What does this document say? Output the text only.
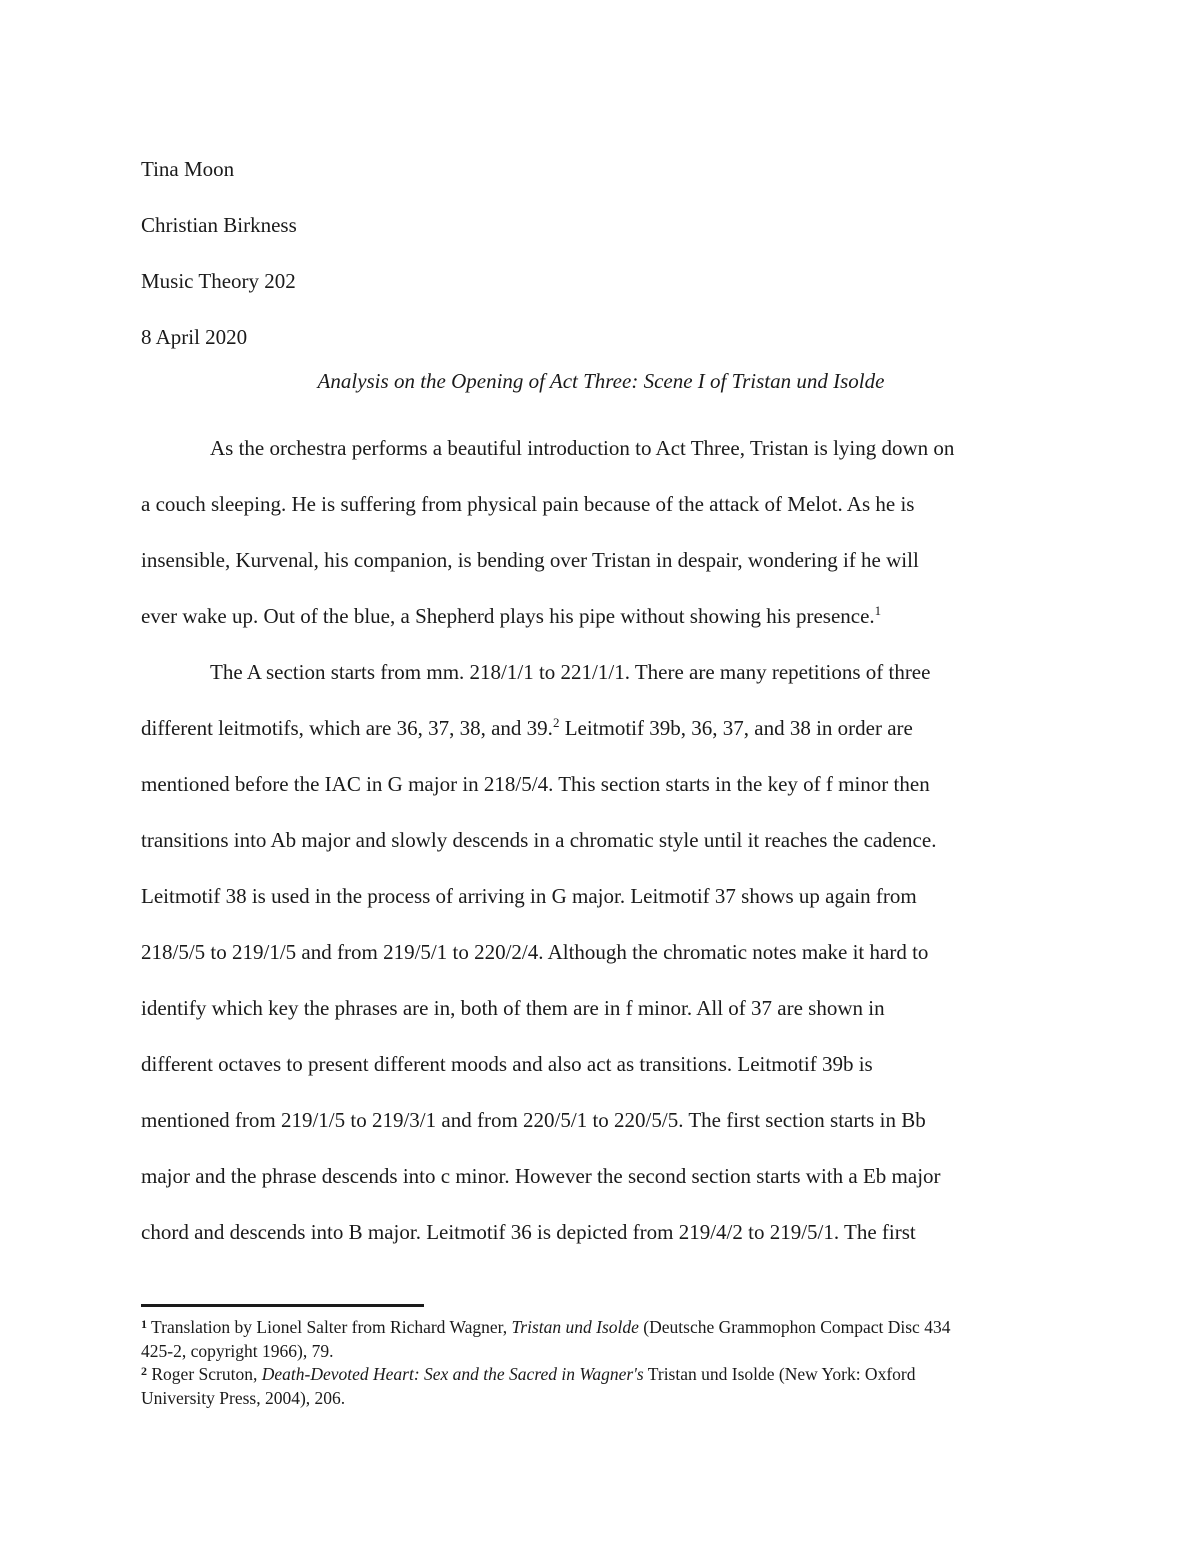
Tina Moon
Christian Birkness
Music Theory 202
8 April 2020
Analysis on the Opening of Act Three: Scene I of Tristan und Isolde
As the orchestra performs a beautiful introduction to Act Three, Tristan is lying down on
a couch sleeping. He is suffering from physical pain because of the attack of Melot. As he is
insensible, Kurvenal, his companion, is bending over Tristan in despair, wondering if he will
ever wake up. Out of the blue, a Shepherd plays his pipe without showing his presence.$^1$
The A section starts from mm. 218/1/1 to 221/1/1. There are many repetitions of three
different leitmotifs, which are 36, 37, 38, and 39.$^2$ Leitmotif 39b, 36, 37, and 38 in order are
mentioned before the IAC in G major in 218/5/4. This section starts in the key of f minor then
transitions into Ab major and slowly descends in a chromatic style until it reaches the cadence.
Leitmotif 38 is used in the process of arriving in G major. Leitmotif 37 shows up again from
218/5/5 to 219/1/5 and from 219/5/1 to 220/2/4. Although the chromatic notes make it hard to
identify which key the phrases are in, both of them are in f minor. All of 37 are shown in
different octaves to present different moods and also act as transitions. Leitmotif 39b is
mentioned from 219/1/5 to 219/3/1 and from 220/5/1 to 220/5/5. The first section starts in Bb
major and the phrase descends into c minor. However the second section starts with a Eb major
chord and descends into B major. Leitmotif 36 is depicted from 219/4/2 to 219/5/1. The first
$^1$ Translation by Lionel Salter from Richard Wagner, Tristan und Isolde (Deutsche Grammophon Compact Disc 434
425-2, copyright 1966), 79.
$^2$ Roger Scruton, Death-Devoted Heart: Sex and the Sacred in Wagner's Tristan und Isolde (New York: Oxford
University Press, 2004), 206.
